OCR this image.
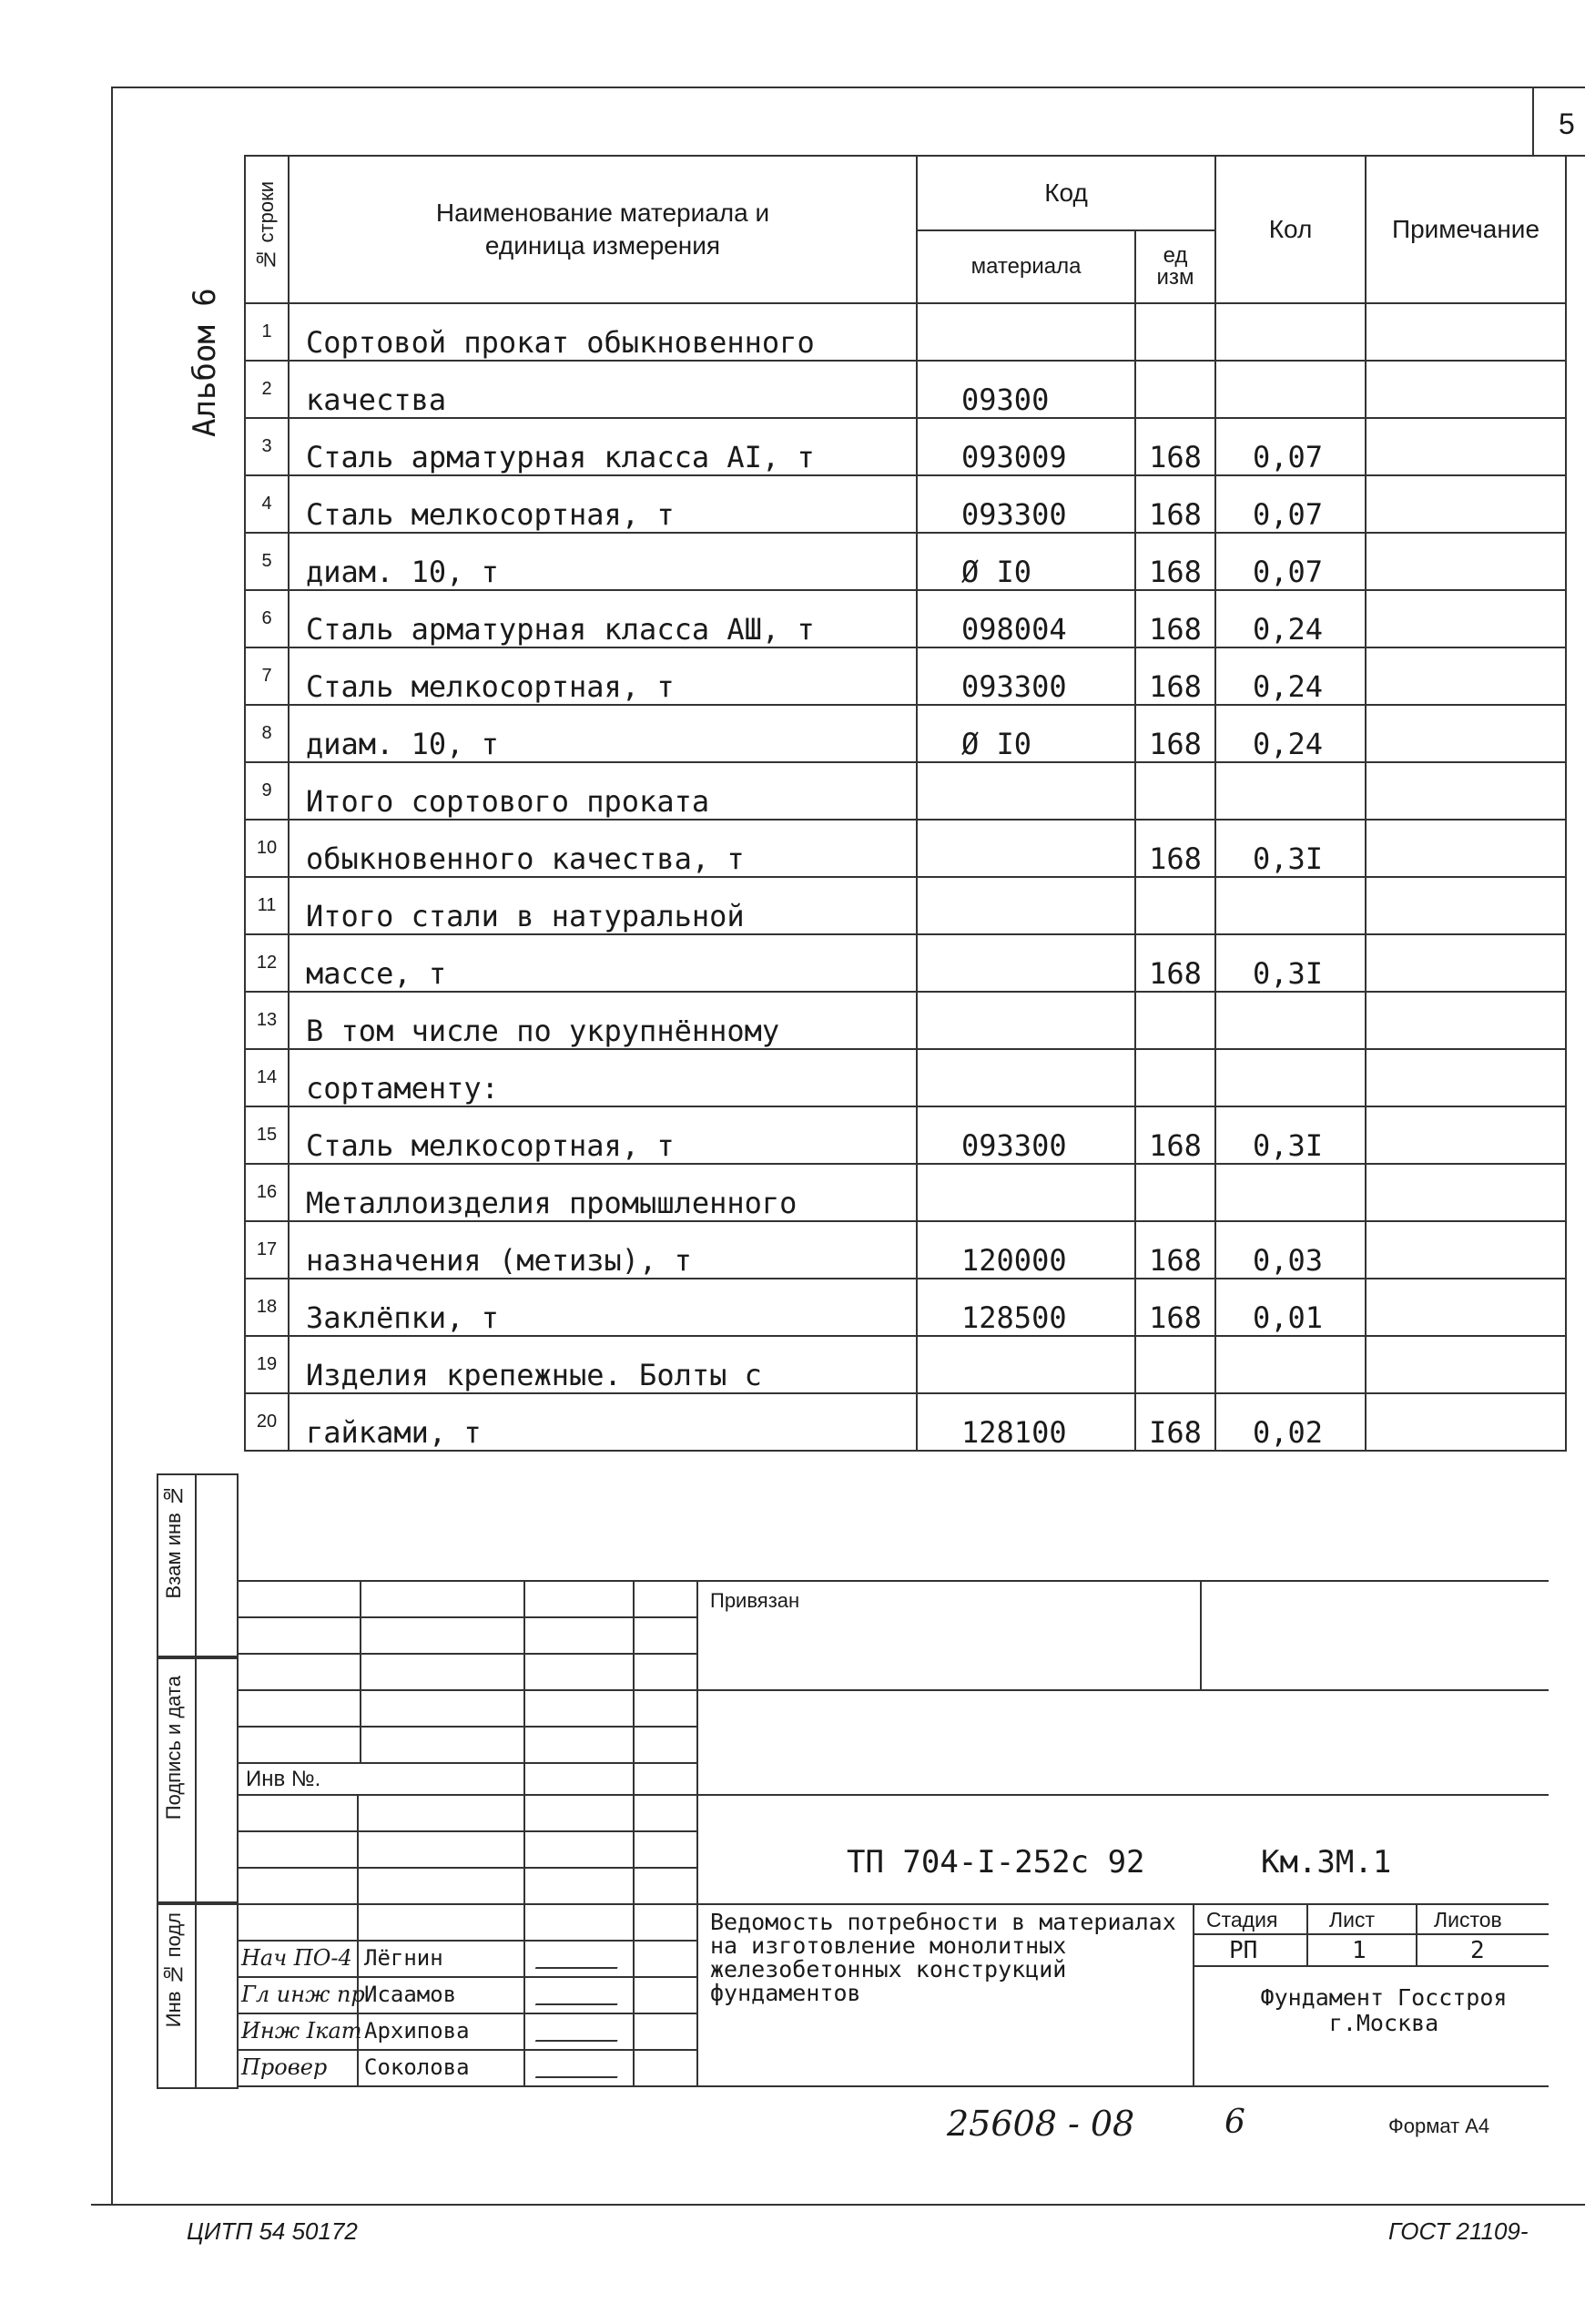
5
Альбом 6
№ строки	Наименование материала и единица измерения	Код		Кол	Примечание
		материала	ед изм		

1	Сортовой прокат обыкновенного				
2	качества	09300			
3	Сталь арматурная класса AI, т	093009	168	0,07	
4	Сталь мелкосортная, т	093300	168	0,07	
5	диам. 10, т	Ø I0	168	0,07	
6	Сталь арматурная класса AШ, т	098004	168	0,24	
7	Сталь мелкосортная, т	093300	168	0,24	
8	диам. 10, т	Ø I0	168	0,24	
9	Итого сортового проката				
10	обыкновенного качества, т		168	0,3I	
11	Итого стали в натуральной				
12	массе, т		168	0,3I	
13	В том числе по укрупнённому				
14	сортаменту:				
15	Сталь мелкосортная, т	093300	168	0,3I	
16	Металлоизделия промышленного				
17	назначения (метизы), т	120000	168	0,03	
18	Заклёпки, т	128500	168	0,01	
19	Изделия крепежные. Болты с				
20	гайками, т	128100	I68	0,02	
Взам инв №
Подпись и дата
Инв № подл
Привязан
Инв №.
ТП 704-I-252с 92	Км.ЗМ.1
Ведомость потребности в материалах на изготовление монолитных железобетонных конструкций фундаментов
Стадия Лист	Листов
РП	1	2
Фундамент Госстроя г.Москва
Нач ПО-4 Лёгнин
Гл инж пр Исаамов
Инж Iкат Архипова
Провер Соколова
25608 - 08	6	Формат А4
ЦИТП 54 50172	ГОСТ 21109-
